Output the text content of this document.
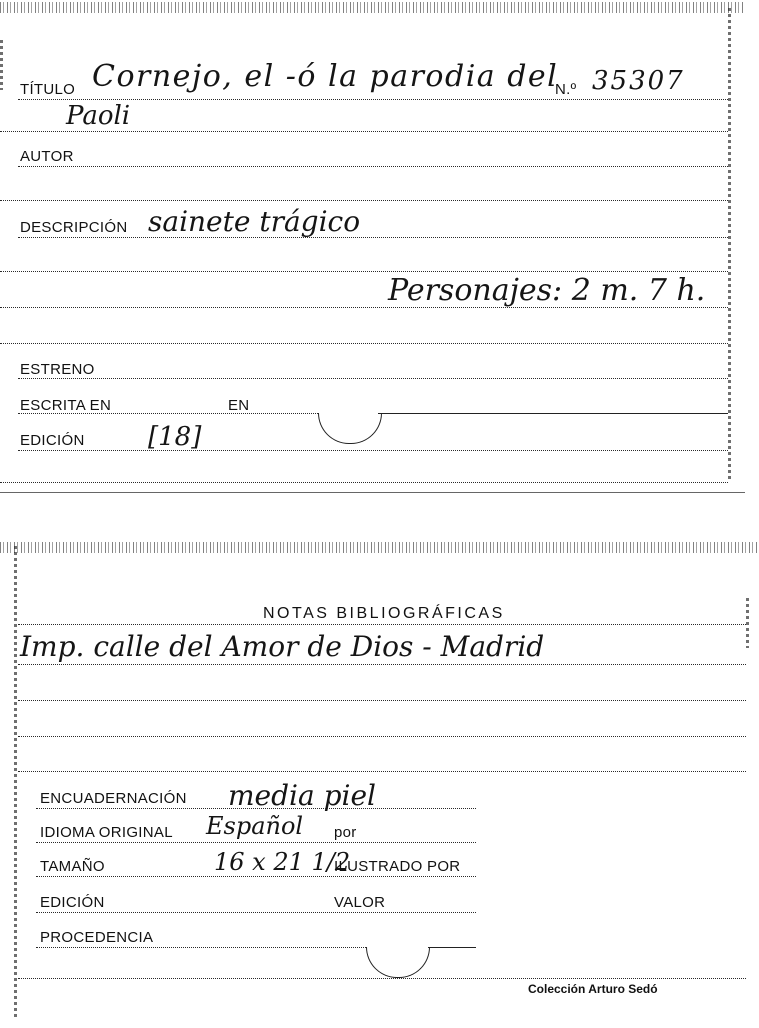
TÍTULO Cornejo, el -ó la parodia del
N.º 35307
Paoli
AUTOR
DESCRIPCIÓN sainete trágico
Personajes: 2 m. 7 h.
ESTRENO
ESCRITA EN	EN
EDICIÓN [18]
NOTAS BIBLIOGRÁFICAS
Imp. calle del Amor de Dios - Madrid
ENCUADERNACIÓN media piel
IDIOMA ORIGINAL Español por
TAMAÑO	16 x 21 1/2
ILUSTRADO POR
EDICIÓN	VALOR
PROCEDENCIA
Colección Arturo Sedó
